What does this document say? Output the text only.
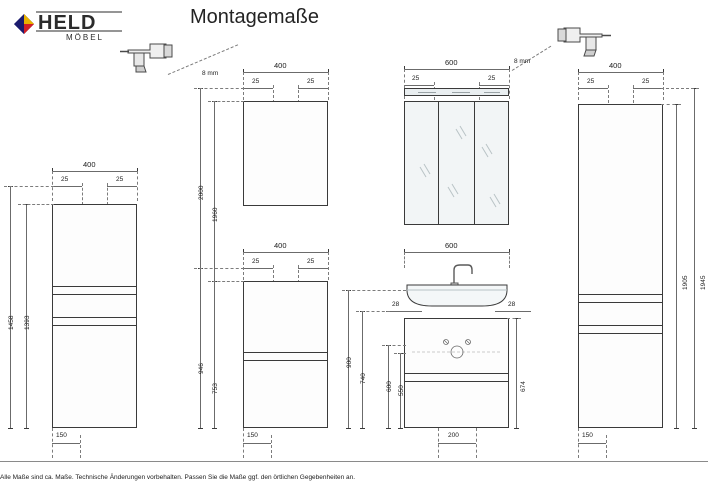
HELD
MÖBEL
Montagemaße
400
25	25
1458 1393
150
400
25	25
8 mm
2000
1960
400
25	25
946
753
150
600
25	25
8 mm
600
28	28
900
740
600 550	674
200
400
25	25
1905 1945
150
Alle Maße sind ca. Maße. Technische Änderungen vorbehalten. Passen Sie die Maße ggf. den örtlichen Gegebenheiten an.
